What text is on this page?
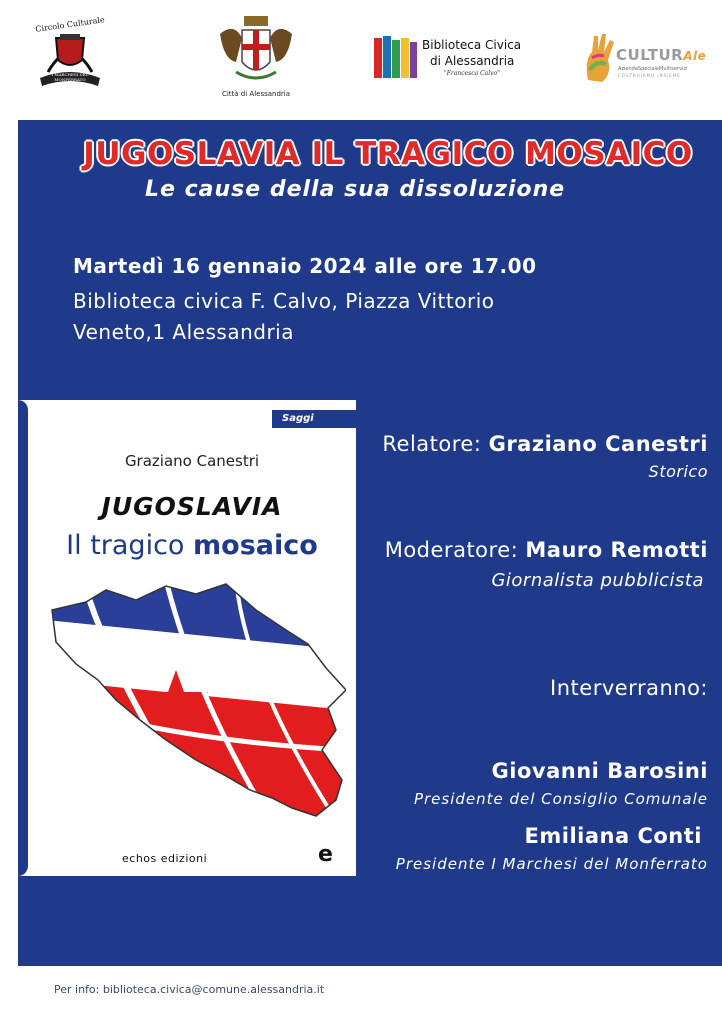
Circolo Culturale
I MARCHESI DEL MONFERRATO
Città di Alessandria
Biblioteca Civica
di Alessandria
"Francesca Calvo"
CULTURAle
AziendaSpecialeMultiservizi
COSTRUIAMO INSIEME
JUGOSLAVIA IL TRAGICO MOSAICO
Le cause della sua dissoluzione
Martedì 16 gennaio 2024 alle ore 17.00
Biblioteca civica F. Calvo, Piazza Vittorio Veneto,1 Alessandria
Saggi
Graziano Canestri
JUGOSLAVIA
Il tragico mosaico
echos edizioni	e
Relatore: Graziano Canestri
Storico
Moderatore: Mauro Remotti
Giornalista pubblicista
Interverranno:
Giovanni Barosini
Presidente del Consiglio Comunale
Emiliana Conti
Presidente I Marchesi del Monferrato
Per info: biblioteca.civica@comune.alessandria.it
